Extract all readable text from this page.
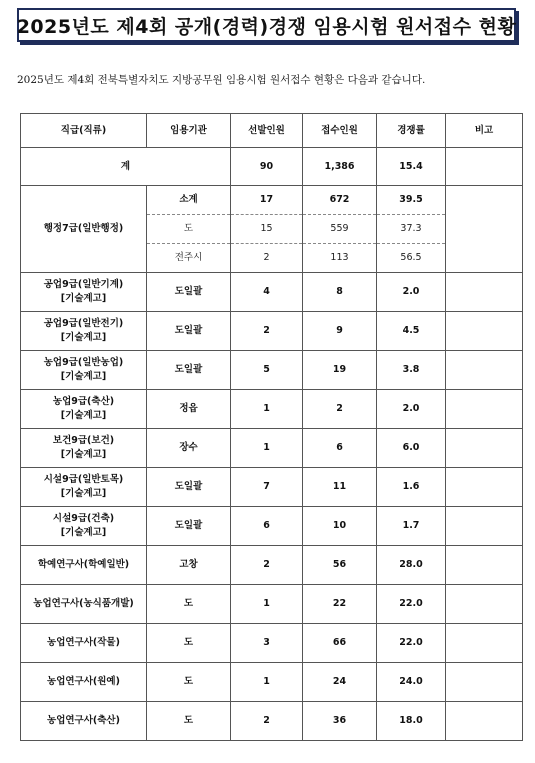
2025년도 제4회 공개(경력)경쟁 임용시험 원서접수 현황
2025년도 제4회 전북특별자치도 지방공무원 임용시험 원서접수 현황은 다음과 같습니다.
직급(직류)	임용기관	선발인원	접수인원	경쟁률	비고
계		90	1,386	15.4	
행정7급(일반행정)	소계	17	672	39.5	
	도	15	559	37.3	
	전주시	2	113	56.5	

공업9급(일반기계)
[기술계고]	도일괄	4	8	2.0	

공업9급(일반전기)
[기술계고]	도일괄	2	9	4.5	

농업9급(일반농업)
[기술계고]	도일괄	5	19	3.8	

농업9급(축산)
[기술계고]	정읍	1	2	2.0	

보건9급(보건)
[기술계고]	장수	1	6	6.0	

시설9급(일반토목)
[기술계고]	도일괄	7	11	1.6	

시설9급(건축)
[기술계고]	도일괄	6	10	1.7	

학예연구사(학예일반)	고창	2	56	28.0	

농업연구사(농식품개발)	도	1	22	22.0	

농업연구사(작물)	도	3	66	22.0	

농업연구사(원예)	도	1	24	24.0	

농업연구사(축산)	도	2	36	18.0	
